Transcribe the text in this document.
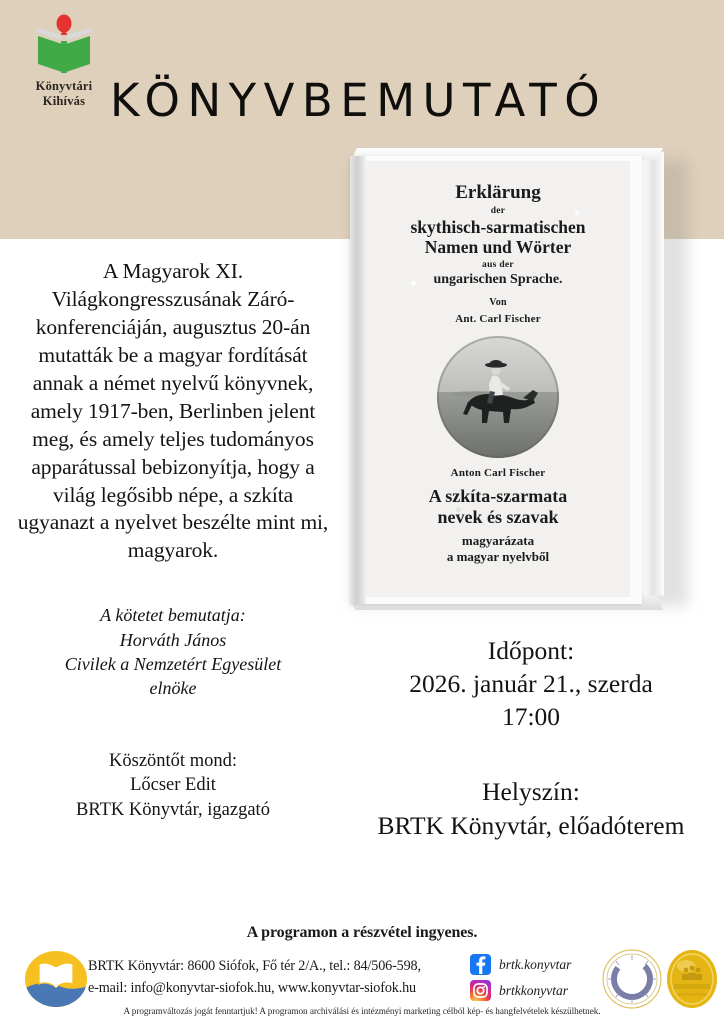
Könyvtári
Kihívás KÖNYVBEMUTATÓ
Erklärung
der
skythisch-sarmatischen
Namen und Wörter
aus der
ungarischen Sprache.
Von
Ant. Carl Fischer
Anton Carl Fischer
A szkíta-szarmata
nevek és szavak
magyarázata
a magyar nyelvből

A Magyarok XI. Világkongresszusának Záró-konferenciáján, augusztus 20-án mutatták be a magyar fordítását annak a német nyelvű könyvnek, amely 1917-ben, Berlinben jelent meg, és amely teljes tudományos apparátussal bebizonyítja, hogy a világ legősibb népe, a szkíta ugyanazt a nyelvet beszélte mint mi, magyarok.

A kötetet bemutatja:
Horváth János
Civilek a Nemzetért Egyesület
elnöke
Köszöntőt mond:
Lőcser Edit
BRTK Könyvtár, igazgató
Időpont:
2026. január 21., szerda
17:00
Helyszín:
BRTK Könyvtár, előadóterem
A programon a részvétel ingyenes.
BRTK Könyvtár: 8600 Siófok, Fő tér 2/A., tel.: 84/506-598,
e-mail: info@konyvtar-siofok.hu, www.konyvtar-siofok.hu
brtk.konyvtar
brtkkonyvtar
A programváltozás jogát fenntartjuk! A programon archiválási és intézményi marketing célból kép- és hangfelvételek készülhetnek.
